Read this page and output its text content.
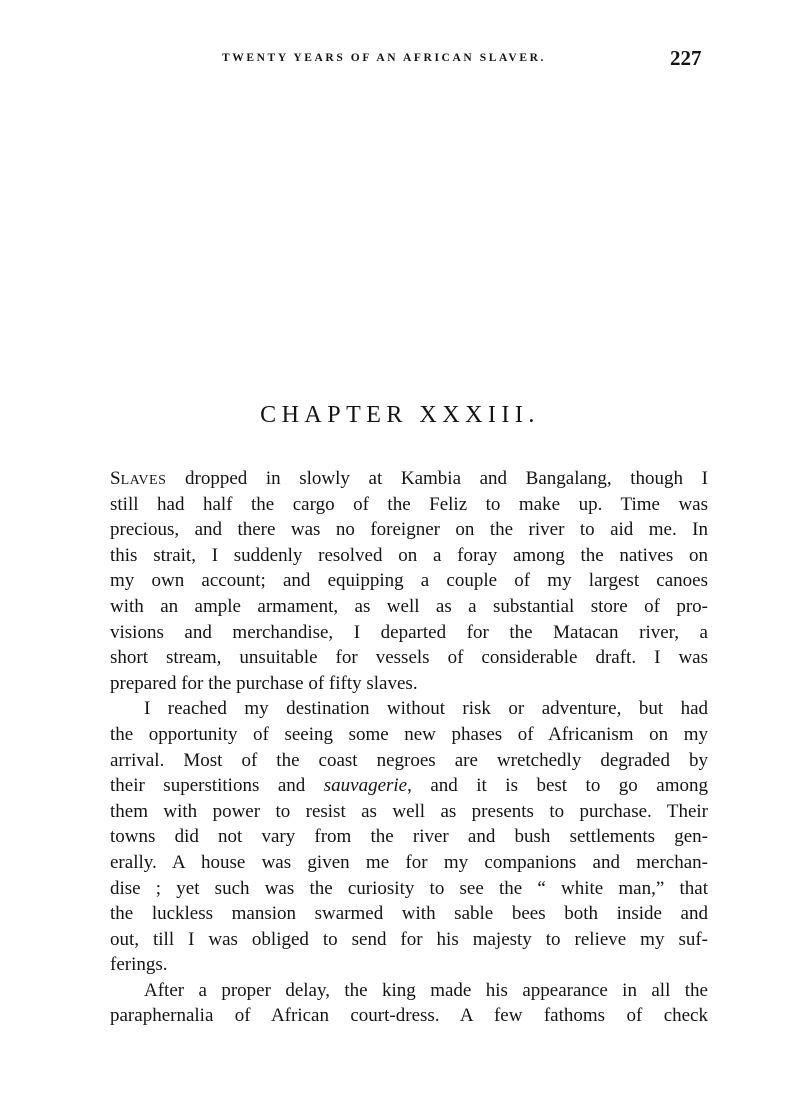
TWENTY YEARS OF AN AFRICAN SLAVER.	227
CHAPTER XXXIII.
SLAVES dropped in slowly at Kambia and Bangalang, though I
still had half the cargo of the Feliz to make up. Time was
precious, and there was no foreigner on the river to aid me. In
this strait, I suddenly resolved on a foray among the natives on
my own account; and equipping a couple of my largest canoes
with an ample armament, as well as a substantial store of pro-
visions and merchandise, I departed for the Matacan river, a
short stream, unsuitable for vessels of considerable draft. I was
prepared for the purchase of fifty slaves.
I reached my destination without risk or adventure, but had
the opportunity of seeing some new phases of Africanism on my
arrival. Most of the coast negroes are wretchedly degraded by
their superstitions and sauvagerie, and it is best to go among
them with power to resist as well as presents to purchase. Their
towns did not vary from the river and bush settlements gen-
erally. A house was given me for my companions and merchan-
dise ; yet such was the curiosity to see the “ white man,” that
the luckless mansion swarmed with sable bees both inside and
out, till I was obliged to send for his majesty to relieve my suf-
ferings.
After a proper delay, the king made his appearance in all the
paraphernalia of African court-dress. A few fathoms of check
